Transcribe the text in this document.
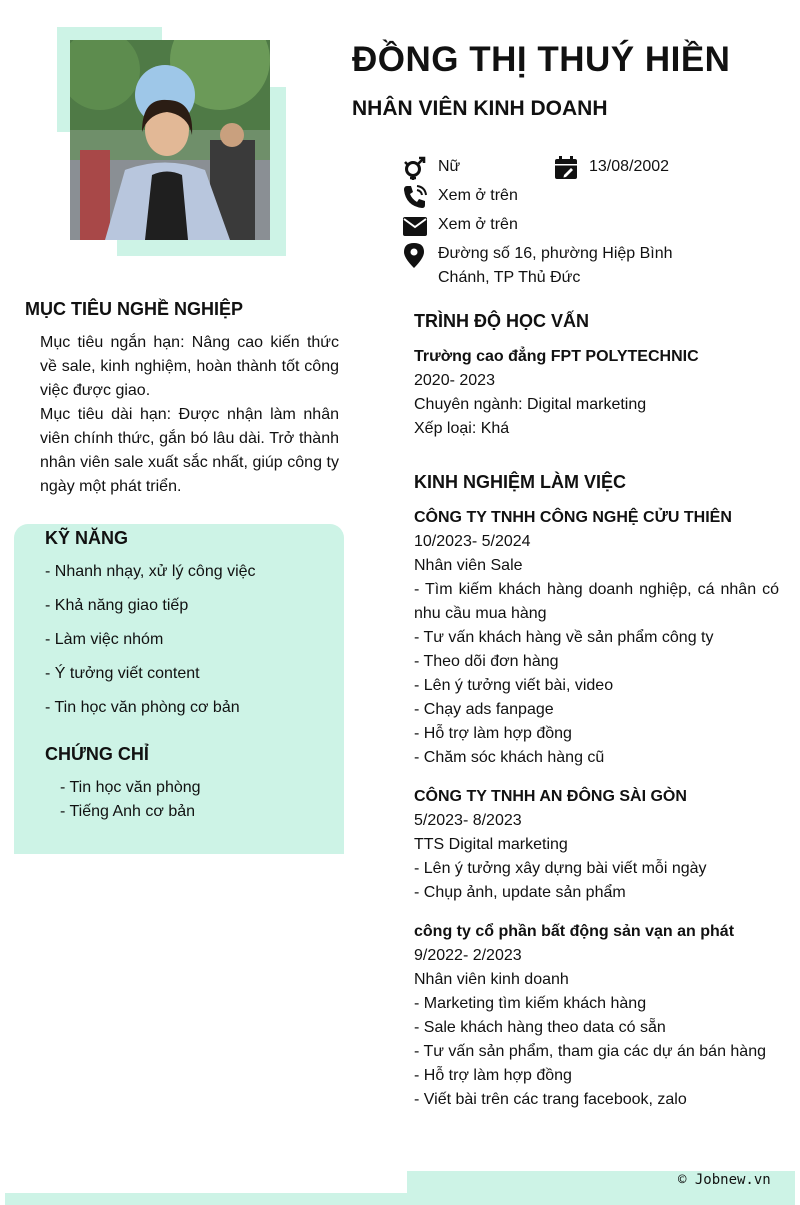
ĐỒNG THỊ THUÝ HIỀN
NHÂN VIÊN KINH DOANH
Nữ	13/08/2002
Xem ở trên
Xem ở trên
Đường số 16, phường Hiệp Bình Chánh, TP Thủ Đức
MỤC TIÊU NGHỀ NGHIỆP
Mục tiêu ngắn hạn: Nâng cao kiến thức về sale, kinh nghiệm, hoàn thành tốt công việc được giao.
Mục tiêu dài hạn: Được nhận làm nhân viên chính thức, gắn bó lâu dài. Trở thành nhân viên sale xuất sắc nhất, giúp công ty ngày một phát triển.
KỸ NĂNG
- Nhanh nhạy, xử lý công việc
- Khả năng giao tiếp
- Làm việc nhóm
- Ý tưởng viết content
- Tin học văn phòng cơ bản
CHỨNG CHỈ
- Tin học văn phòng
- Tiếng Anh cơ bản
TRÌNH ĐỘ HỌC VẤN
Trường cao đẳng FPT POLYTECHNIC
2020- 2023
Chuyên ngành: Digital marketing
Xếp loại: Khá
KINH NGHIỆM LÀM VIỆC
CÔNG TY TNHH CÔNG NGHỆ CỬU THIÊN
10/2023- 5/2024
Nhân viên Sale
- Tìm kiếm khách hàng doanh nghiệp, cá nhân có nhu cầu mua hàng
- Tư vấn khách hàng về sản phẩm công ty
- Theo dõi đơn hàng
- Lên ý tưởng viết bài, video
- Chạy ads fanpage
- Hỗ trợ làm hợp đồng
- Chăm sóc khách hàng cũ
CÔNG TY TNHH AN ĐÔNG SÀI GÒN
5/2023- 8/2023
TTS Digital marketing
- Lên ý tưởng xây dựng bài viết mỗi ngày
- Chụp ảnh, update sản phẩm
công ty cổ phần bất động sản vạn an phát
9/2022- 2/2023
Nhân viên kinh doanh
- Marketing tìm kiếm khách hàng
- Sale khách hàng theo data có sẵn
- Tư vấn sản phẩm, tham gia các dự án bán hàng
- Hỗ trợ làm hợp đồng
- Viết bài trên các trang facebook, zalo
© Jobnew.vn
